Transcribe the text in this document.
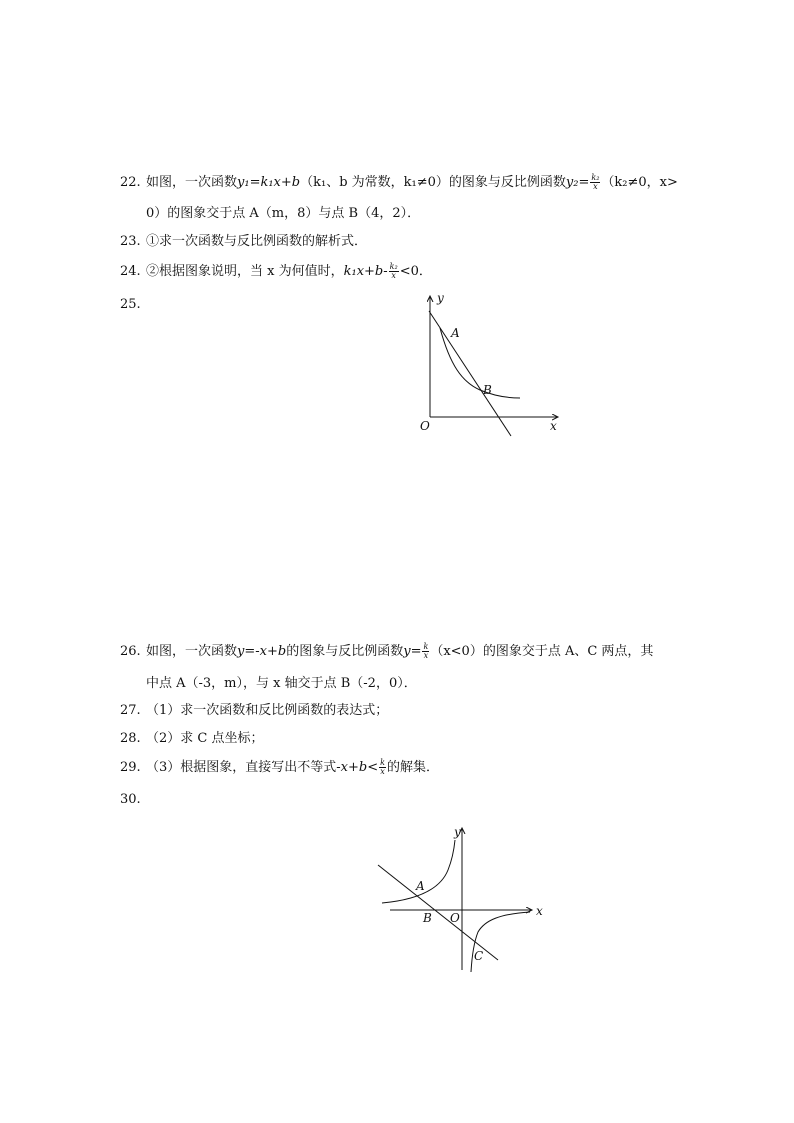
22. 如图，一次函数y₁=k₁x+b（k₁、b 为常数，k₁≠0）的图象与反比例函数$y_2= \frac{\text{k₂}}{x} (k_2\ne 0$，x>
0）的图象交于点 A（m，8）与点 B（4，2）．
23. ①求一次函数与反比例函数的解析式．
24. ②根据图象说明，当 x 为何值时，$k_1x+b- \frac{\text{k₂}}{x} <0$．
25.	y
x
O
A
B
26. 如图，一次函数y=-x+b的图象与反比例函数$y= \frac{k}{x} (x<0)$的图象交于点 A、C 两点，其
中点 A（-3，m），与 x 轴交于点 B（-2，0）．
27. （1）求一次函数和反比例函数的表达式；
28. （2）求 C 点坐标；
29. （3）根据图象，直接写出不等式$-x+b< \frac{k}{x}$ 的解集．
30.
y
x
O
A
B
C
